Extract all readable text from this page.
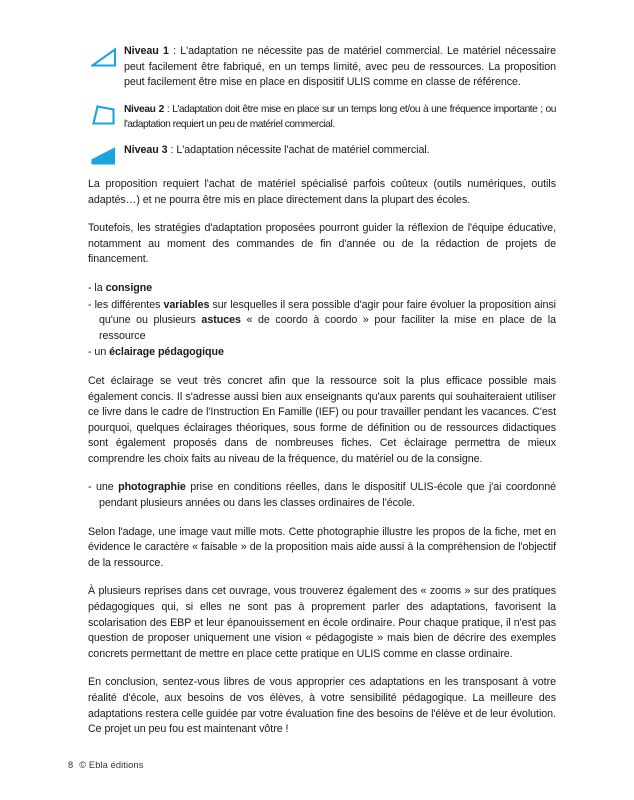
Niveau 1 : L'adaptation ne nécessite pas de matériel commercial. Le matériel nécessaire peut facilement être fabriqué, en un temps limité, avec peu de ressources. La proposition peut facilement être mise en place en dispositif ULIS comme en classe de référence.
Niveau 2 : L'adaptation doit être mise en place sur un temps long et/ou à une fréquence importante ; ou l'adaptation requiert un peu de matériel commercial.
Niveau 3 : L'adaptation nécessite l'achat de matériel commercial.

La proposition requiert l'achat de matériel spécialisé parfois coûteux (outils numériques, outils adaptés…) et ne pourra être mis en place directement dans la plupart des écoles.

Toutefois, les stratégies d'adaptation proposées pourront guider la réflexion de l'équipe éducative, notamment au moment des commandes de fin d'année ou de la rédaction de projets de financement.

- la consigne
- les différentes variables sur lesquelles il sera possible d'agir pour faire évoluer la proposition ainsi qu'une ou plusieurs astuces « de coordo à coordo » pour faciliter la mise en place de la ressource
- un éclairage pédagogique

Cet éclairage se veut très concret afin que la ressource soit la plus efficace possible mais également concis. Il s'adresse aussi bien aux enseignants qu'aux parents qui souhaiteraient utiliser ce livre dans le cadre de l'Instruction En Famille (IEF) ou pour travailler pendant les vacances. C'est pourquoi, quelques éclairages théoriques, sous forme de définition ou de ressources didactiques sont également proposés dans de nombreuses fiches. Cet éclairage permettra de mieux comprendre les choix faits au niveau de la fréquence, du matériel ou de la consigne.

- une photographie prise en conditions réelles, dans le dispositif ULIS-école que j'ai coordonné pendant plusieurs années ou dans les classes ordinaires de l'école.

Selon l'adage, une image vaut mille mots. Cette photographie illustre les propos de la fiche, met en évidence le caractère « faisable » de la proposition mais aide aussi à la compréhension de l'objectif de la ressource.

À plusieurs reprises dans cet ouvrage, vous trouverez également des « zooms » sur des pratiques pédagogiques qui, si elles ne sont pas à proprement parler des adaptations, favorisent la scolarisation des EBP et leur épanouissement en école ordinaire. Pour chaque pratique, il n'est pas question de proposer uniquement une vision « pédagogiste » mais bien de décrire des exemples concrets permettant de mettre en place cette pratique en ULIS comme en classe ordinaire.

En conclusion, sentez-vous libres de vous approprier ces adaptations en les transposant à votre réalité d'école, aux besoins de vos élèves, à votre sensibilité pédagogique. La meilleure des adaptations restera celle guidée par votre évaluation fine des besoins de l'élève et de leur évolution. Ce projet un peu fou est maintenant vôtre !

8 © Ebla éditions
